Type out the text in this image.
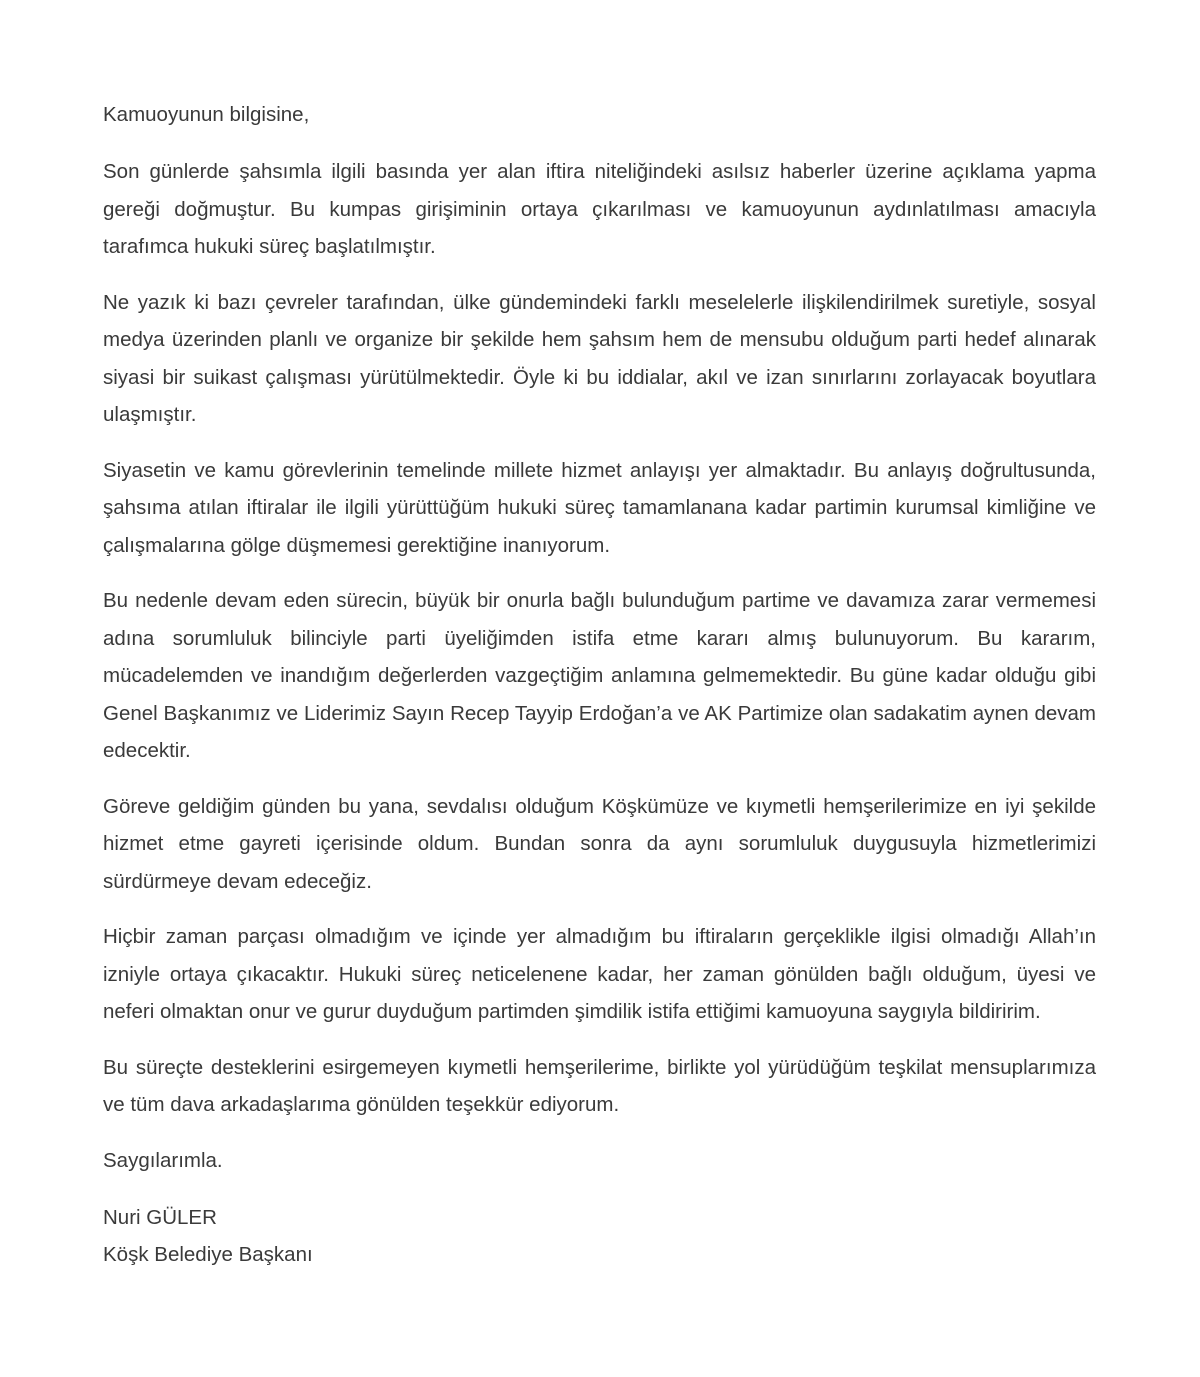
Kamuoyunun bilgisine,

Son günlerde şahsımla ilgili basında yer alan iftira niteliğindeki asılsız haberler üzerine açıklama yapma gereği doğmuştur. Bu kumpas girişiminin ortaya çıkarılması ve kamuoyunun aydınlatılması amacıyla tarafımca hukuki süreç başlatılmıştır.

Ne yazık ki bazı çevreler tarafından, ülke gündemindeki farklı meselelerle ilişkilendirilmek suretiyle, sosyal medya üzerinden planlı ve organize bir şekilde hem şahsım hem de mensubu olduğum parti hedef alınarak siyasi bir suikast çalışması yürütülmektedir. Öyle ki bu iddialar, akıl ve izan sınırlarını zorlayacak boyutlara ulaşmıştır.

Siyasetin ve kamu görevlerinin temelinde millete hizmet anlayışı yer almaktadır. Bu anlayış doğrultusunda, şahsıma atılan iftiralar ile ilgili yürüttüğüm hukuki süreç tamamlanana kadar partimin kurumsal kimliğine ve çalışmalarına gölge düşmemesi gerektiğine inanıyorum.

Bu nedenle devam eden sürecin, büyük bir onurla bağlı bulunduğum partime ve davamıza zarar vermemesi adına sorumluluk bilinciyle parti üyeliğimden istifa etme kararı almış bulunuyorum. Bu kararım, mücadelemden ve inandığım değerlerden vazgeçtiğim anlamına gelmemektedir. Bu güne kadar olduğu gibi Genel Başkanımız ve Liderimiz Sayın Recep Tayyip Erdoğan’a ve AK Partimize olan sadakatim aynen devam edecektir.

Göreve geldiğim günden bu yana, sevdalısı olduğum Köşkümüze ve kıymetli hemşerilerimize en iyi şekilde hizmet etme gayreti içerisinde oldum. Bundan sonra da aynı sorumluluk duygusuyla hizmetlerimizi sürdürmeye devam edeceğiz.

Hiçbir zaman parçası olmadığım ve içinde yer almadığım bu iftiraların gerçeklikle ilgisi olmadığı Allah’ın izniyle ortaya çıkacaktır. Hukuki süreç neticelenene kadar, her zaman gönülden bağlı olduğum, üyesi ve neferi olmaktan onur ve gurur duyduğum partimden şimdilik istifa ettiğimi kamuoyuna saygıyla bildiririm.

Bu süreçte desteklerini esirgemeyen kıymetli hemşerilerime, birlikte yol yürüdüğüm teşkilat mensuplarımıza ve tüm dava arkadaşlarıma gönülden teşekkür ediyorum.

Saygılarımla.

Nuri GÜLER

Köşk Belediye Başkanı
